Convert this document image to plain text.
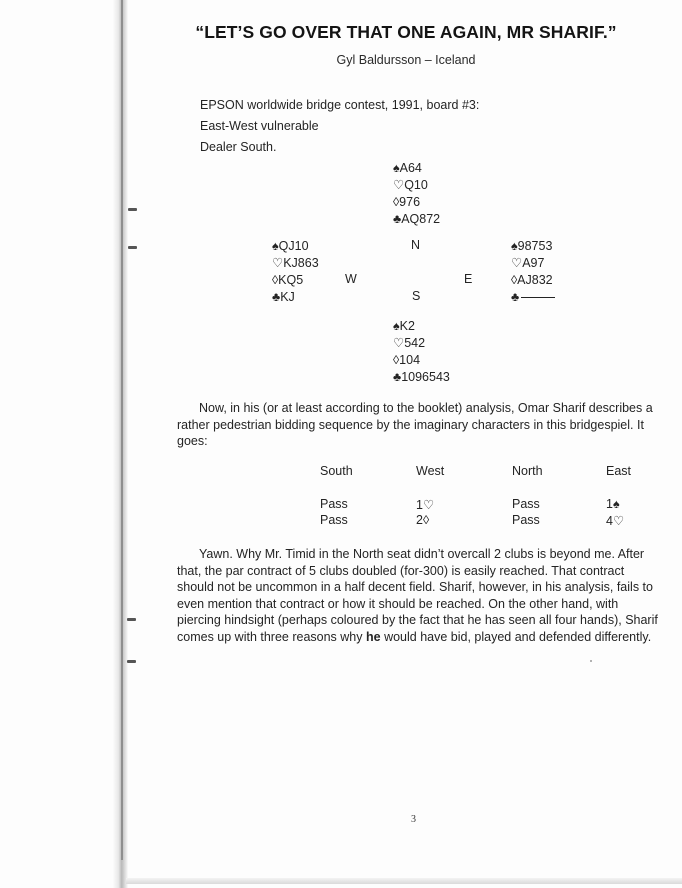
“LET’S GO OVER THAT ONE AGAIN, MR SHARIF.”
Gyl Baldursson – Iceland
EPSON worldwide bridge contest, 1991, board #3:
East-West vulnerable
Dealer South.
♠A64
♡Q10
◊976
♣AQ872
♠QJ10
♡KJ863
◊KQ5
♣KJ
N
W	E
S
♠98753
♡A97
◊AJ832
♣
♠K2
♡542
◊104
♣1096543
Now, in his (or at least according to the booklet) analysis, Omar Sharif describes a rather pedestrian bidding sequence by the imaginary characters in this bridgespiel. It goes:
South	West	North	East
Pass	1♡	Pass	1♠
Pass	2◊	Pass	4♡
Yawn. Why Mr. Timid in the North seat didn’t overcall 2 clubs is beyond me. After that, the par contract of 5 clubs doubled (for-300) is easily reached. That contract should not be uncommon in a half decent field. Sharif, however, in his analysis, fails to even mention that contract or how it should be reached. On the other hand, with piercing hindsight (perhaps coloured by the fact that he has seen all four hands), Sharif comes up with three reasons why he would have bid, played and defended differently.
3
